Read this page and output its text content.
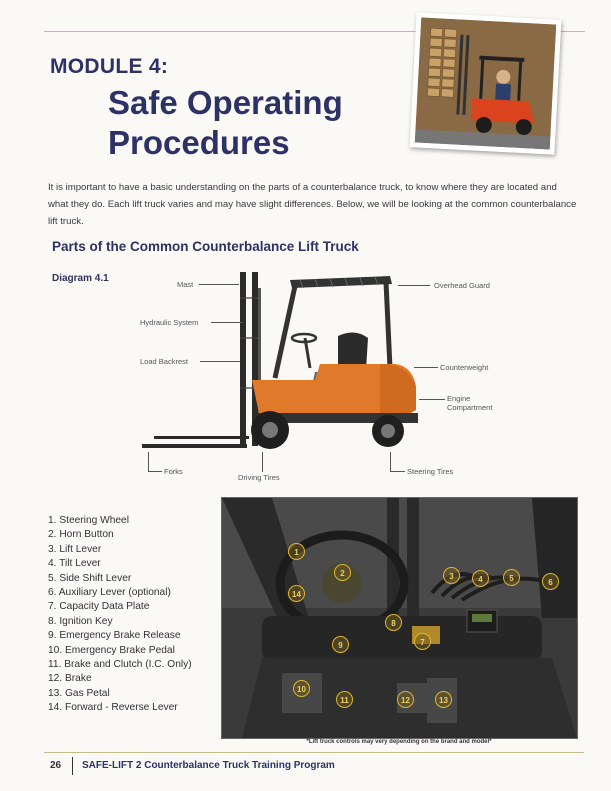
MODULE 4:
Safe Operating
Procedures
It is important to have a basic understanding on the parts of a counterbalance truck, to know where they are located and what they do. Each lift truck varies and may have slight differences. Below, we will be looking at the common counterbalance lift truck.
Parts of the Common Counterbalance Lift Truck
Diagram 4.1
Mast
Hydraulic System
Load Backrest
Forks
Driving Tires
Steering Tires
Overhead Guard
Counterweight
Engine
Compartment
1. Steering Wheel
2. Horn Button
3. Lift Lever
4. Tilt Lever
5. Side Shift Lever
6. Auxiliary Lever (optional)
7. Capacity Data Plate
8. Ignition Key
9. Emergency Brake Release
10. Emergency Brake Pedal
11. Brake and Clutch (I.C. Only)
12. Brake
13. Gas Petal
14. Forward - Reverse Lever
1
2	3	4	5	6
7
8
9
10
11	12	13
14
*Lift truck controls may very depending on the brand and model*
26 SAFE-LIFT 2 Counterbalance Truck Training Program
